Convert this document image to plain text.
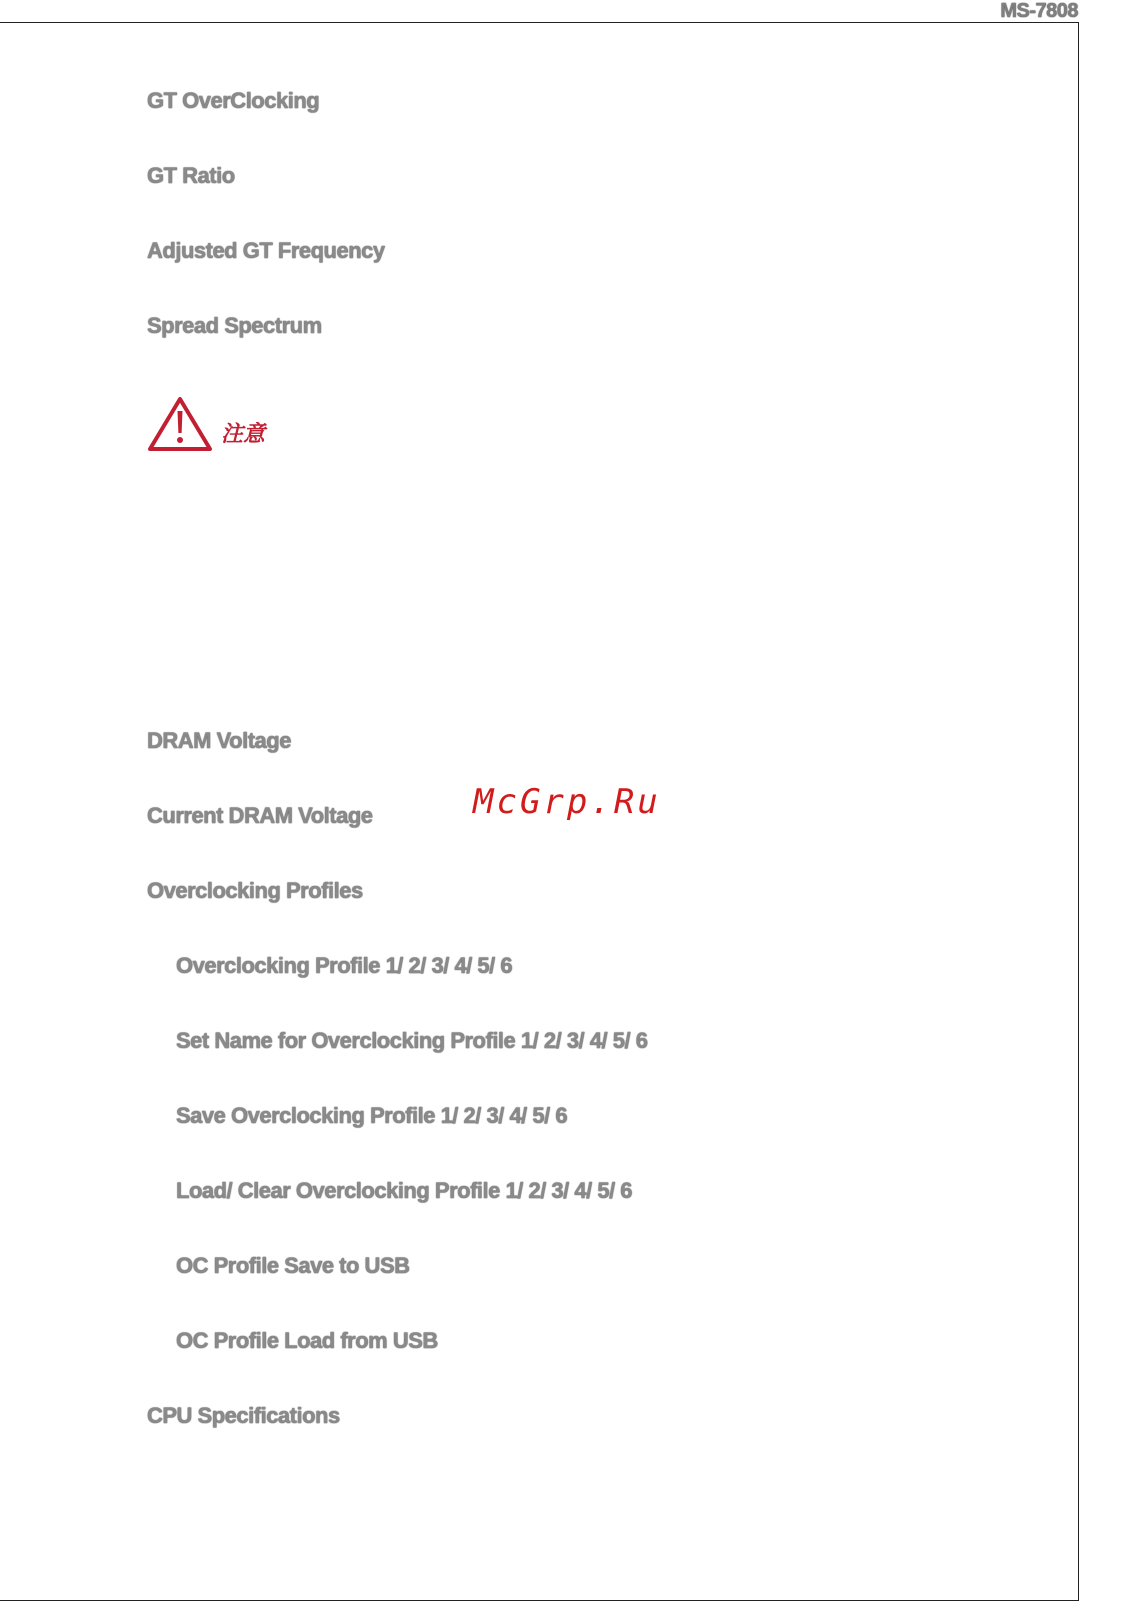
MS-7808

GT OverClocking

GT Ratio

Adjusted GT Frequency

Spread Spectrum

注意

DRAM Voltage

Current DRAM Voltage	McGrp.Ru

Overclocking Profiles

Overclocking Profile 1/ 2/ 3/ 4/ 5/ 6

Set Name for Overclocking Profile 1/ 2/ 3/ 4/ 5/ 6

Save Overclocking Profile 1/ 2/ 3/ 4/ 5/ 6

Load/ Clear Overclocking Profile 1/ 2/ 3/ 4/ 5/ 6

OC Profile Save to USB

OC Profile Load from USB

CPU Specifications
